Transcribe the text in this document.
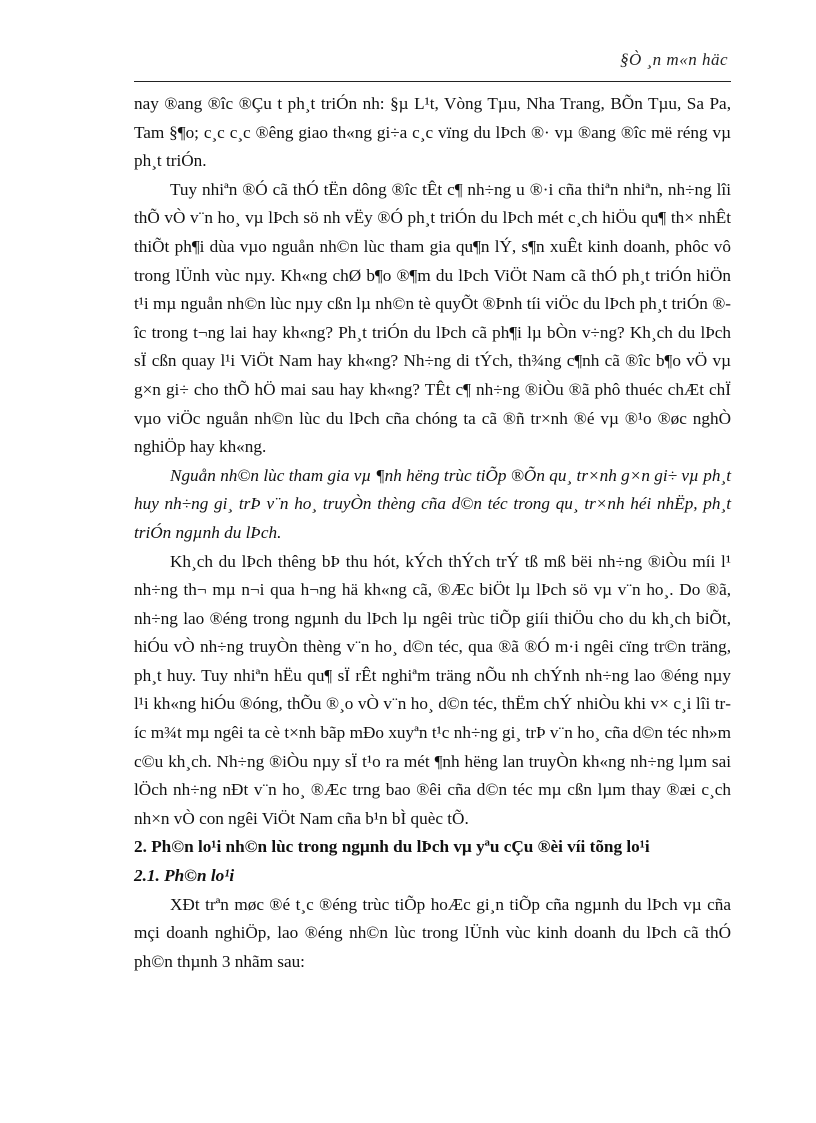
§Ò ¸n m«n häc

nay ®ang ®îc ®Çu t ph¸t triÓn nh: §µ L¹t, Vòng Tµu, Nha Trang, BÕn Tµu, Sa Pa, Tam §¶o; c¸c c¸c ®êng giao th«ng gi÷a c¸c vïng du lÞch ®· vµ ®ang ®îc më réng vµ ph¸t triÓn.

Tuy nhiªn ®Ó cã thÓ tËn dông ®îc tÊt c¶ nh÷ng u ®·i cña thiªn nhiªn, nh÷ng lîi thÕ vÒ v¨n ho¸ vµ lÞch sö nh vËy ®Ó ph¸t triÓn du lÞch mét c¸ch hiÖu qu¶ th× nhÊt thiÕt ph¶i dùa vµo nguån nh©n lùc tham gia qu¶n lÝ, s¶n xuÊt kinh doanh, phôc vô trong lÜnh vùc nµy. Kh«ng chØ b¶o ®¶m du lÞch ViÖt Nam cã thÓ ph¸t triÓn hiÖn t¹i mµ nguån nh©n lùc nµy cßn lµ nh©n tè quyÕt ®Þnh tíi viÖc du lÞch ph¸t triÓn ®îc trong t¬ng lai hay kh«ng? Ph¸t triÓn du lÞch cã ph¶i lµ bÒn v÷ng? Kh¸ch du lÞch sÏ cßn quay l¹i ViÖt Nam hay kh«ng? Nh÷ng di tÝch, th¾ng c¶nh cã ®îc b¶o vÖ vµ g×n gi÷ cho thÕ hÖ mai sau hay kh«ng? TÊt c¶ nh÷ng ®iÒu ®ã phô thuéc chÆt chÏ vµo viÖc nguån nh©n lùc du lÞch cña chóng ta cã ®ñ tr×nh ®é vµ ®¹o ®øc nghÒ nghiÖp hay kh«ng.

Nguån nh©n lùc tham gia vµ ¶nh hëng trùc tiÕp ®Õn qu¸ tr×nh g×n gi÷ vµ ph¸t huy nh÷ng gi¸ trÞ v¨n ho¸ truyÒn thèng cña d©n téc trong qu¸ tr×nh héi nhËp, ph¸t triÓn ngµnh du lÞch.

Kh¸ch du lÞch thêng bÞ thu hót, kÝch thÝch trÝ tß mß bëi nh÷ng ®iÒu míi l¹ nh÷ng th¬ mµ n¬i qua h¬ng hä kh«ng cã, ®Æc biÖt lµ lÞch sö vµ v¨n ho¸. Do ®ã, nh÷ng lao ®éng trong ngµnh du lÞch lµ ngêi trùc tiÕp giíi thiÖu cho du kh¸ch biÕt, hiÓu vÒ nh÷ng truyÒn thèng v¨n ho¸ d©n téc, qua ®ã ®Ó m·i ngêi cïng tr©n träng, ph¸t huy. Tuy nhiªn hËu qu¶ sÏ rÊt nghiªm träng nÕu nh chÝnh nh÷ng lao ®éng nµy l¹i kh«ng hiÓu ®óng, thÕu ®¸o vÒ v¨n ho¸ d©n téc, thËm chÝ nhiÒu khi v× c¸i lîi tríc m¾t mµ ngêi ta cè t×nh bãp mÐo xuyªn t¹c nh÷ng gi¸ trÞ v¨n ho¸ cña d©n téc nh»m c©u kh¸ch. Nh÷ng ®iÒu nµy sÏ t¹o ra mét ¶nh hëng lan truyÒn kh«ng nh÷ng lµm sai lÖch nh÷ng nÐt v¨n ho¸ ®Æc trng bao ®êi cña d©n téc mµ cßn lµm thay ®æi c¸ch nh×n vÒ con ngêi ViÖt Nam cña b¹n bÌ quèc tÕ.

2. Ph©n lo¹i nh©n lùc trong ngµnh du lÞch vµ yªu cÇu ®èi víi tõng lo¹i

2.1. Ph©n lo¹i

XÐt trªn møc ®é t¸c ®éng trùc tiÕp hoÆc gi¸n tiÕp cña ngµnh du lÞch vµ cña mçi doanh nghiÖp, lao ®éng nh©n lùc trong lÜnh vùc kinh doanh du lÞch cã thÓ ph©n thµnh 3 nhãm sau:
